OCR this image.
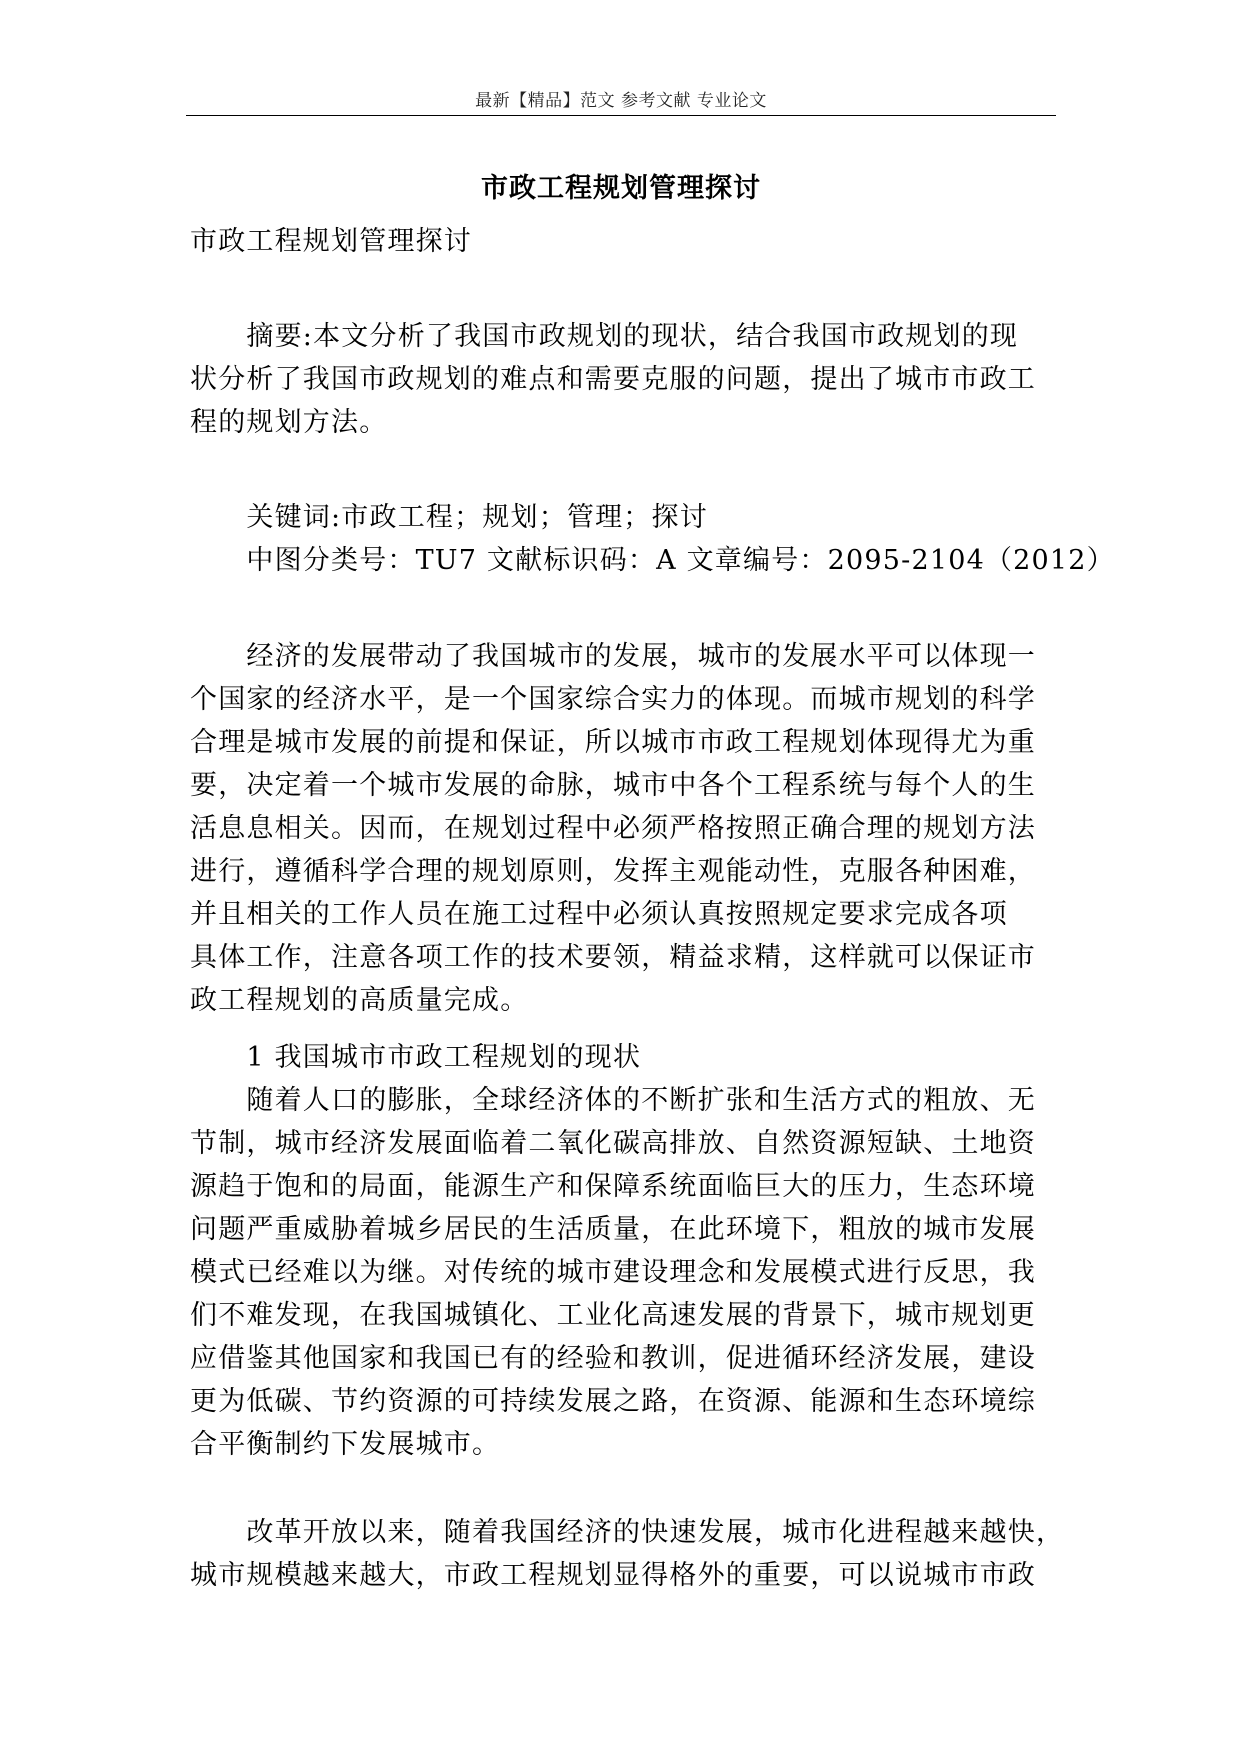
最新【精品】范文 参考文献 专业论文
市政工程规划管理探讨
市政工程规划管理探讨
　　摘要:本文分析了我国市政规划的现状，结合我国市政规划的现
状分析了我国市政规划的难点和需要克服的问题，提出了城市市政工
程的规划方法。
　　关键词:市政工程；规划；管理；探讨
　　中图分类号：TU7 文献标识码：A 文章编号：2095-2104（2012）
　　经济的发展带动了我国城市的发展，城市的发展水平可以体现一
个国家的经济水平，是一个国家综合实力的体现。而城市规划的科学
合理是城市发展的前提和保证，所以城市市政工程规划体现得尤为重
要，决定着一个城市发展的命脉，城市中各个工程系统与每个人的生
活息息相关。因而，在规划过程中必须严格按照正确合理的规划方法
进行，遵循科学合理的规划原则，发挥主观能动性，克服各种困难，
并且相关的工作人员在施工过程中必须认真按照规定要求完成各项
具体工作，注意各项工作的技术要领，精益求精，这样就可以保证市
政工程规划的高质量完成。
　　1 我国城市市政工程规划的现状
　　随着人口的膨胀，全球经济体的不断扩张和生活方式的粗放、无
节制，城市经济发展面临着二氧化碳高排放、自然资源短缺、土地资
源趋于饱和的局面，能源生产和保障系统面临巨大的压力，生态环境
问题严重威胁着城乡居民的生活质量，在此环境下，粗放的城市发展
模式已经难以为继。对传统的城市建设理念和发展模式进行反思，我
们不难发现，在我国城镇化、工业化高速发展的背景下，城市规划更
应借鉴其他国家和我国已有的经验和教训，促进循环经济发展，建设
更为低碳、节约资源的可持续发展之路，在资源、能源和生态环境综
合平衡制约下发展城市。
　　改革开放以来，随着我国经济的快速发展，城市化进程越来越快，
城市规模越来越大，市政工程规划显得格外的重要，可以说城市市政
